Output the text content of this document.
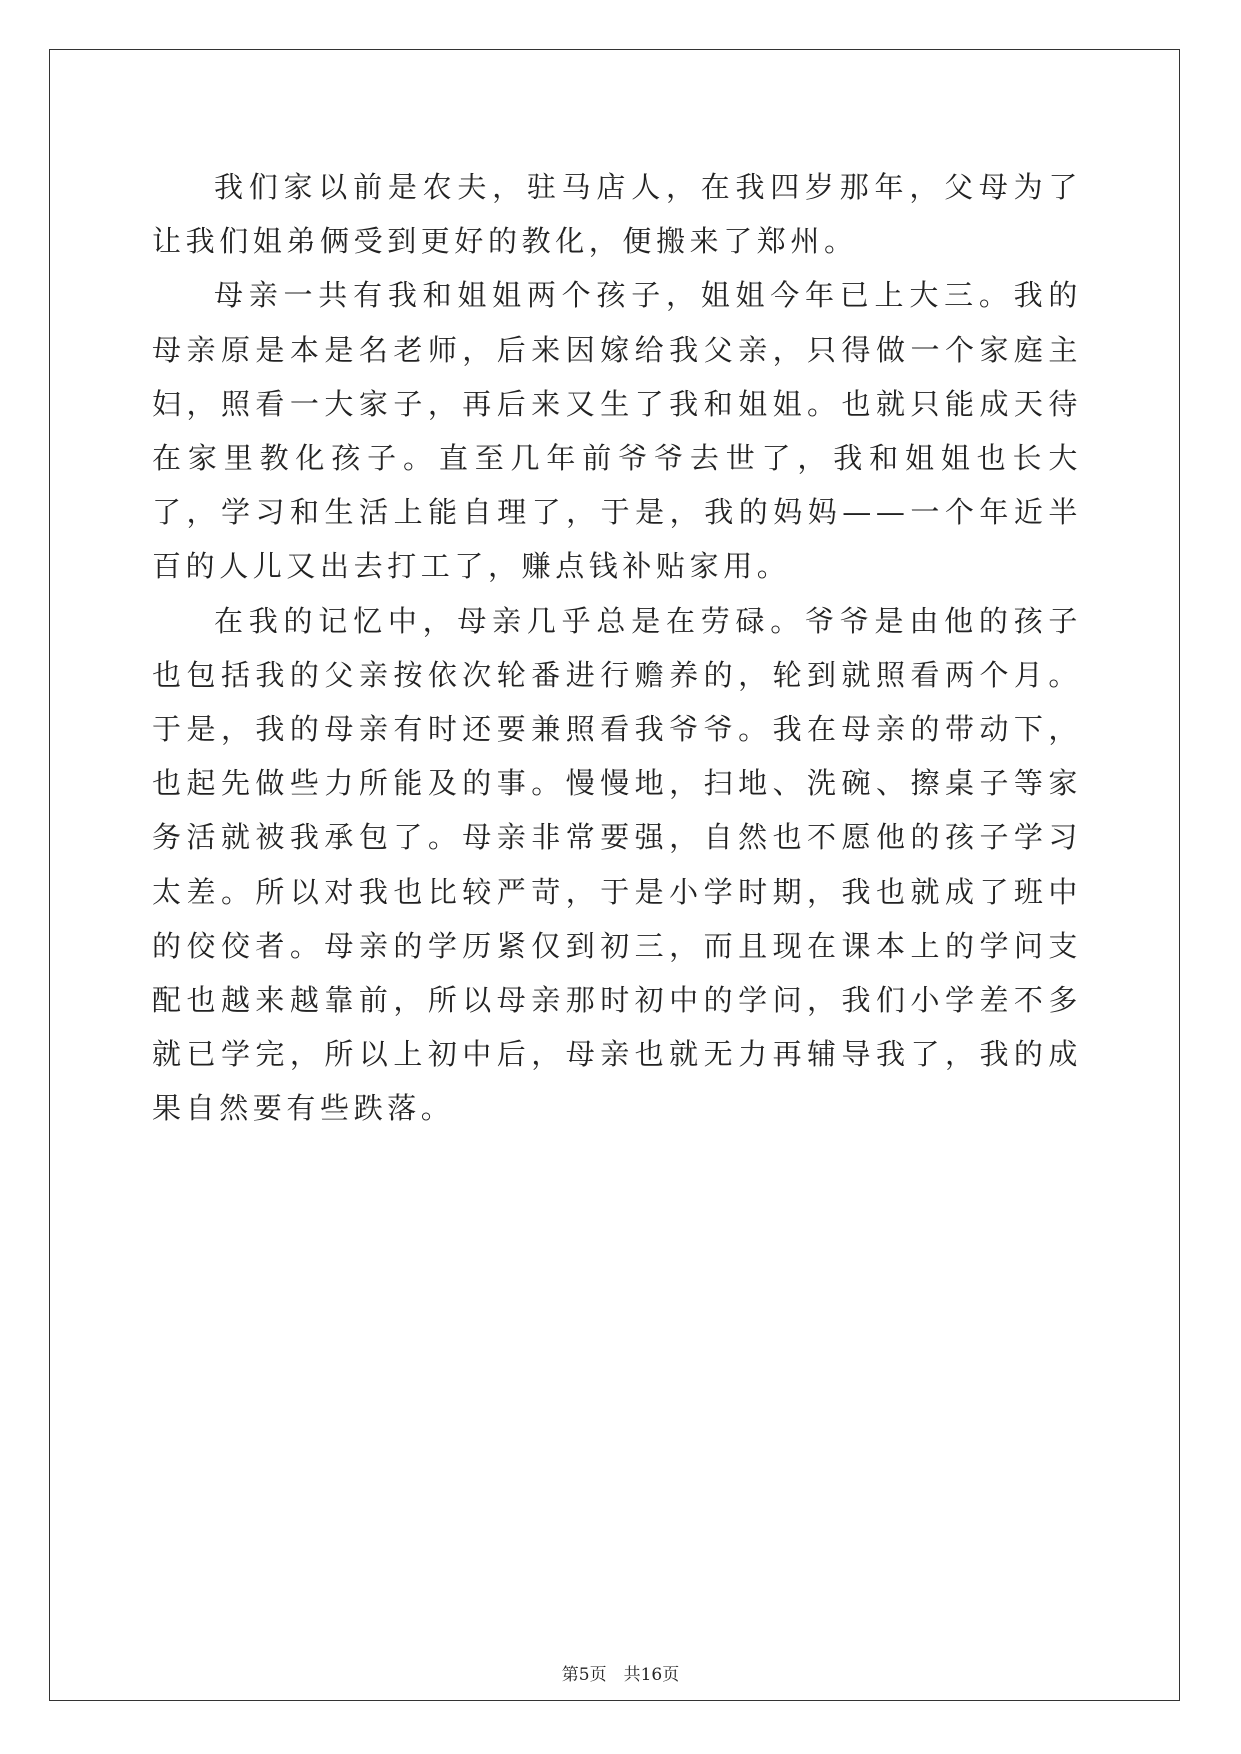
我们家以前是农夫，驻马店人，在我四岁那年，父母为了让我们姐弟俩受到更好的教化，便搬来了郑州。

母亲一共有我和姐姐两个孩子，姐姐今年已上大三。我的母亲原是本是名老师，后来因嫁给我父亲，只得做一个家庭主妇，照看一大家子，再后来又生了我和姐姐。也就只能成天待在家里教化孩子。直至几年前爷爷去世了，我和姐姐也长大了，学习和生活上能自理了，于是，我的妈妈——一个年近半百的人儿又出去打工了，赚点钱补贴家用。

在我的记忆中，母亲几乎总是在劳碌。爷爷是由他的孩子也包括我的父亲按依次轮番进行赡养的，轮到就照看两个月。于是，我的母亲有时还要兼照看我爷爷。我在母亲的带动下，也起先做些力所能及的事。慢慢地，扫地、洗碗、擦桌子等家务活就被我承包了。母亲非常要强，自然也不愿他的孩子学习太差。所以对我也比较严苛，于是小学时期，我也就成了班中的佼佼者。母亲的学历紧仅到初三，而且现在课本上的学问支配也越来越靠前，所以母亲那时初中的学问，我们小学差不多就已学完，所以上初中后，母亲也就无力再辅导我了，我的成果自然要有些跌落。

第5页　共16页
